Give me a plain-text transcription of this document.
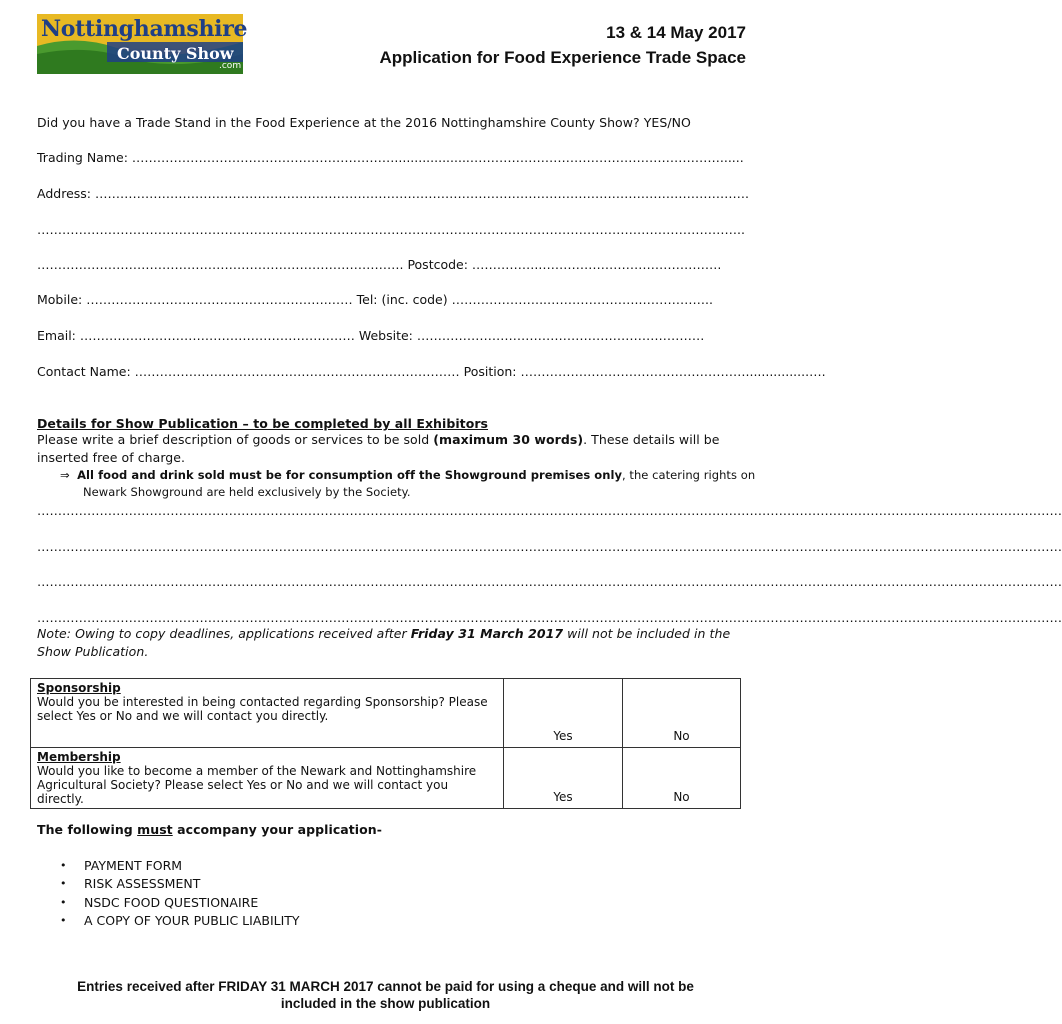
Nottinghamshire
County Show
.com
13 & 14 May 2017
Application for Food Experience Trade Space
Did you have a Trade Stand in the Food Experience at the 2016 Nottinghamshire County Show? YES/NO
Trading Name: ………………………………………………………...................……………………………………………………......
Address: ………………………………………………………………………………………………………………………………………….
……………………………………………………………………………………………………………………………………………………..
……………………………………………………………………………. Postcode: ……………..…………………………………….
Mobile: ………………………………………………….…… Tel: (inc. code) …………………..…………………..……………..
Email: ………………………………………………………… Website: ……………………………………………………………
Contact Name: …………………………………………………………………… Position: ………………………………………………................….
Details for Show Publication – to be completed by all Exhibitors
Please write a brief description of goods or services to be sold (maximum 30 words). These details will be
inserted free of charge.
⇒ All food and drink sold must be for consumption off the Showground premises only, the catering rights on
Newark Showground are held exclusively by the Society.
…………………………………………………………………………………………………………………………………………………………………………………………………………………………
…………………………………………………………………………………………………………………………………………………………………………………………………………………………
…………………………………………………………………………………………………………………………………………………………………………………………………………………………
…………………………………………………………………………………………………………………………………………………………………………………………………………………………
Note: Owing to copy deadlines, applications received after Friday 31 March 2017 will not be included in the
Show Publication.
Sponsorship
Would you be interested in being contacted regarding Sponsorship? Please
select Yes or No and we will contact you directly.	Yes	No

Membership
Would you like to become a member of the Newark and Nottinghamshire
Agricultural Society? Please select Yes or No and we will contact you directly.	Yes	No
The following must accompany your application-
•	PAYMENT FORM
•	RISK ASSESSMENT
•	NSDC FOOD QUESTIONAIRE
•	A COPY OF YOUR PUBLIC LIABILITY
Entries received after FRIDAY 31 MARCH 2017 cannot be paid for using a cheque and will not be
included in the show publication
